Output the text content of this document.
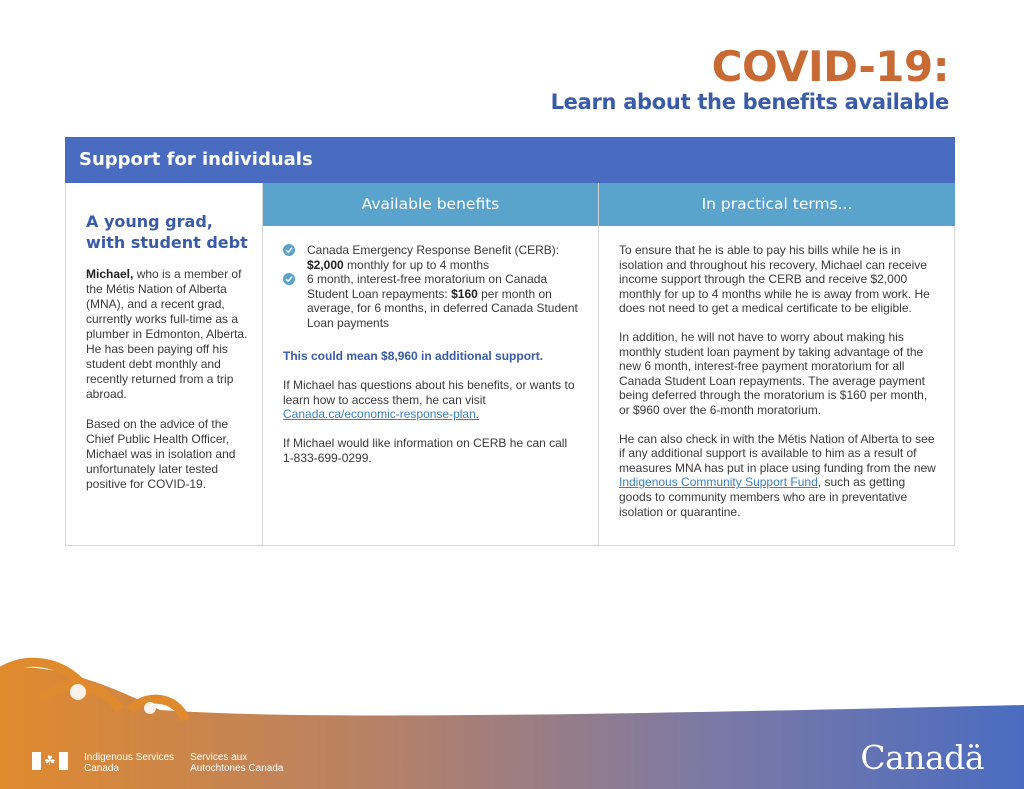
COVID-19:
Learn about the benefits available
Support for individuals
A young grad, with student debt

Michael, who is a member of the Métis Nation of Alberta (MNA), and a recent grad, currently works full-time as a plumber in Edmonton, Alberta. He has been paying off his student debt monthly and recently returned from a trip abroad.

Based on the advice of the Chief Public Health Officer, Michael was in isolation and unfortunately later tested positive for COVID-19.

Available benefits
Canada Emergency Response Benefit (CERB): $2,000 monthly for up to 4 months
6 month, interest-free moratorium on Canada Student Loan repayments: $160 per month on average, for 6 months, in deferred Canada Student Loan payments
This could mean $8,960 in additional support.

If Michael has questions about his benefits, or wants to learn how to access them, he can visit Canada.ca/economic-response-plan.

If Michael would like information on CERB he can call 1-833-699-0299.

In practical terms...

To ensure that he is able to pay his bills while he is in isolation and throughout his recovery, Michael can receive income support through the CERB and receive $2,000 monthly for up to 4 months while he is away from work. He does not need to get a medical certificate to be eligible.

In addition, he will not have to worry about making his monthly student loan payment by taking advantage of the new 6 month, interest-free payment moratorium for all Canada Student Loan repayments. The average payment being deferred through the moratorium is $160 per month, or $960 over the 6-month moratorium.

He can also check in with the Métis Nation of Alberta to see if any additional support is available to him as a result of measures MNA has put in place using funding from the new Indigenous Community Support Fund, such as getting goods to community members who are in preventative isolation or quarantine.

☘	Indigenous Services
Canada
Services aux
Autochtones Canada	Canadä
